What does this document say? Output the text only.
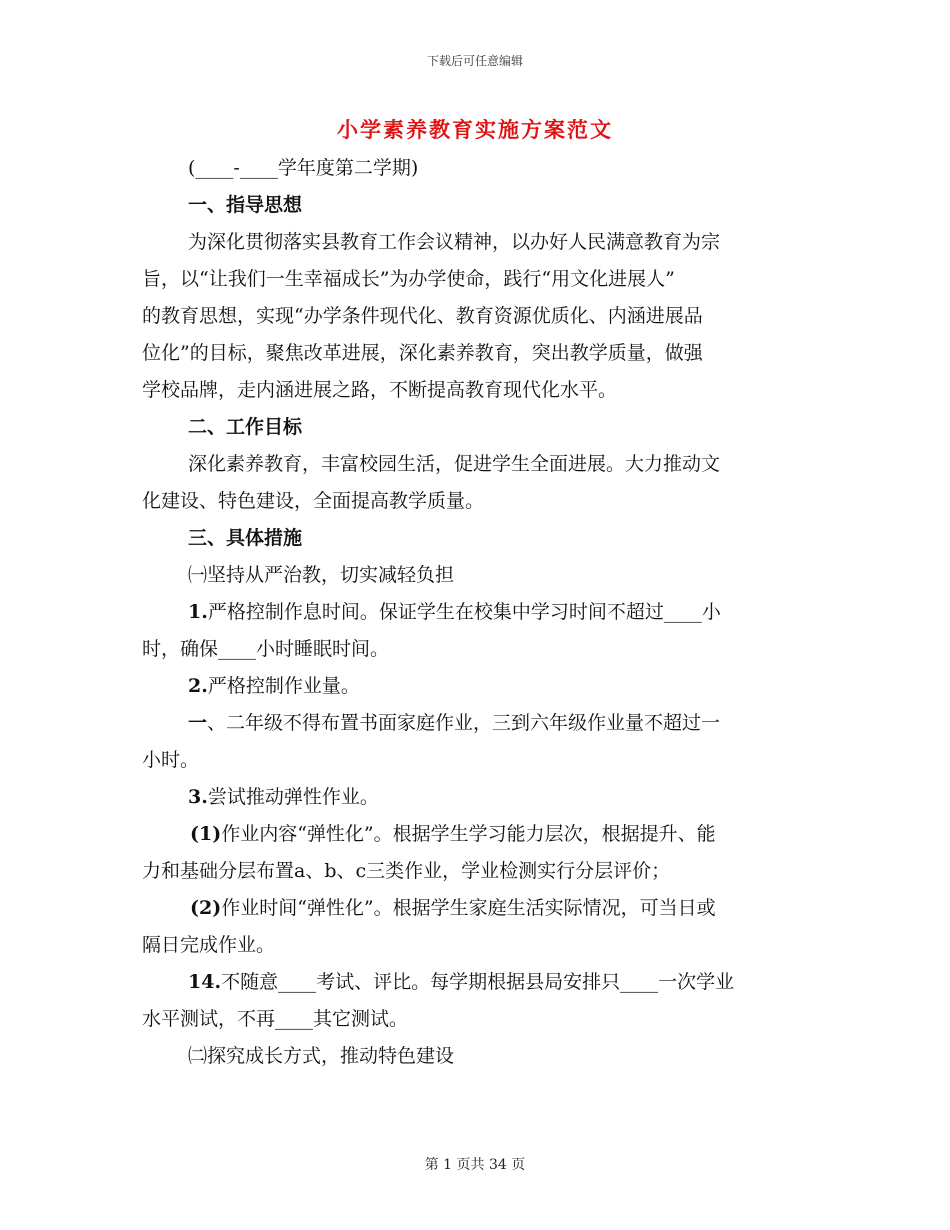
下载后可任意编辑
小学素养教育实施方案范文
(____-____学年度第二学期)
一、指导思想
为深化贯彻落实县教育工作会议精神，以办好人民满意教育为宗
旨，以“让我们一生幸福成长”为办学使命，践行“用文化进展人”
的教育思想，实现“办学条件现代化、教育资源优质化、内涵进展品
位化”的目标，聚焦改革进展，深化素养教育，突出教学质量，做强
学校品牌，走内涵进展之路，不断提高教育现代化水平。
二、工作目标
深化素养教育，丰富校园生活，促进学生全面进展。大力推动文
化建设、特色建设，全面提高教学质量。
三、具体措施
㈠坚持从严治教，切实减轻负担
1.严格控制作息时间。保证学生在校集中学习时间不超过____小
时，确保____小时睡眠时间。
2.严格控制作业量。
一、二年级不得布置书面家庭作业，三到六年级作业量不超过一
小时。
3.尝试推动弹性作业。
(1)作业内容“弹性化”。根据学生学习能力层次，根据提升、能
力和基础分层布置a、b、c三类作业，学业检测实行分层评价；
(2)作业时间“弹性化”。根据学生家庭生活实际情况，可当日或
隔日完成作业。
14.不随意____考试、评比。每学期根据县局安排只____一次学业
水平测试，不再____其它测试。
㈡探究成长方式，推动特色建设
第 1 页共 34 页
